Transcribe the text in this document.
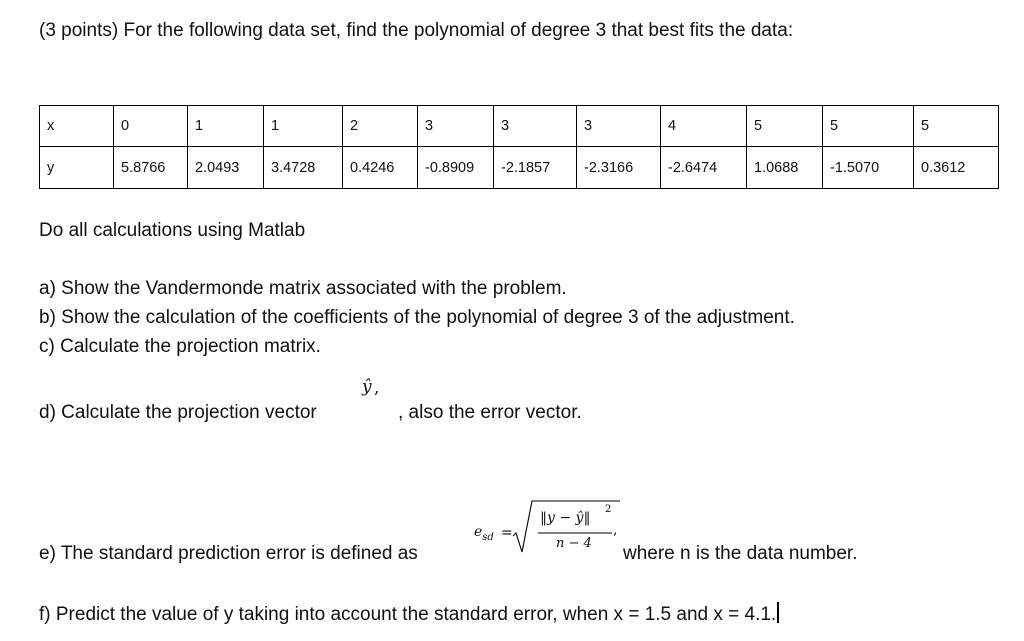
(3 points) For the following data set, find the polynomial of degree 3 that best fits the data:
x	0	1	1	2	3	3	3	4	5	5	5
y	5.8766	2.0493	3.4728	0.4246	-0.8909	-2.1857	-2.3166	-2.6474	1.0688	-1.5070	0.3612
Do all calculations using Matlab
a) Show the Vandermonde matrix associated with the problem.
b) Show the calculation of the coefficients of the polynomial of degree 3 of the adjustment.
c) Calculate the projection matrix.
d) Calculate the projection vector
ŷ ,
, also the error vector.
e) The standard prediction error is defined as
$e_{sd}$ =
‖y − ŷ‖
2
n − 4
,
where n is the data number.
f) Predict the value of y taking into account the standard error, when x = 1.5 and x = 4.1.
